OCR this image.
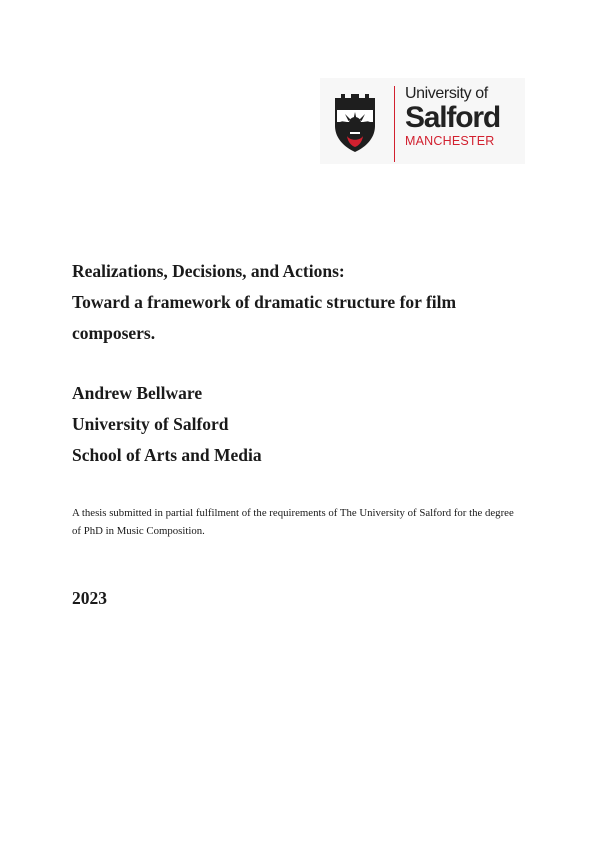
University of
Salford
MANCHESTER
Realizations, Decisions, and Actions:
Toward a framework of dramatic structure for film
composers.
Andrew Bellware
University of Salford
School of Arts and Media

A thesis submitted in partial fulfilment of the requirements of The University of Salford for the degree of PhD in Music Composition.

2023
